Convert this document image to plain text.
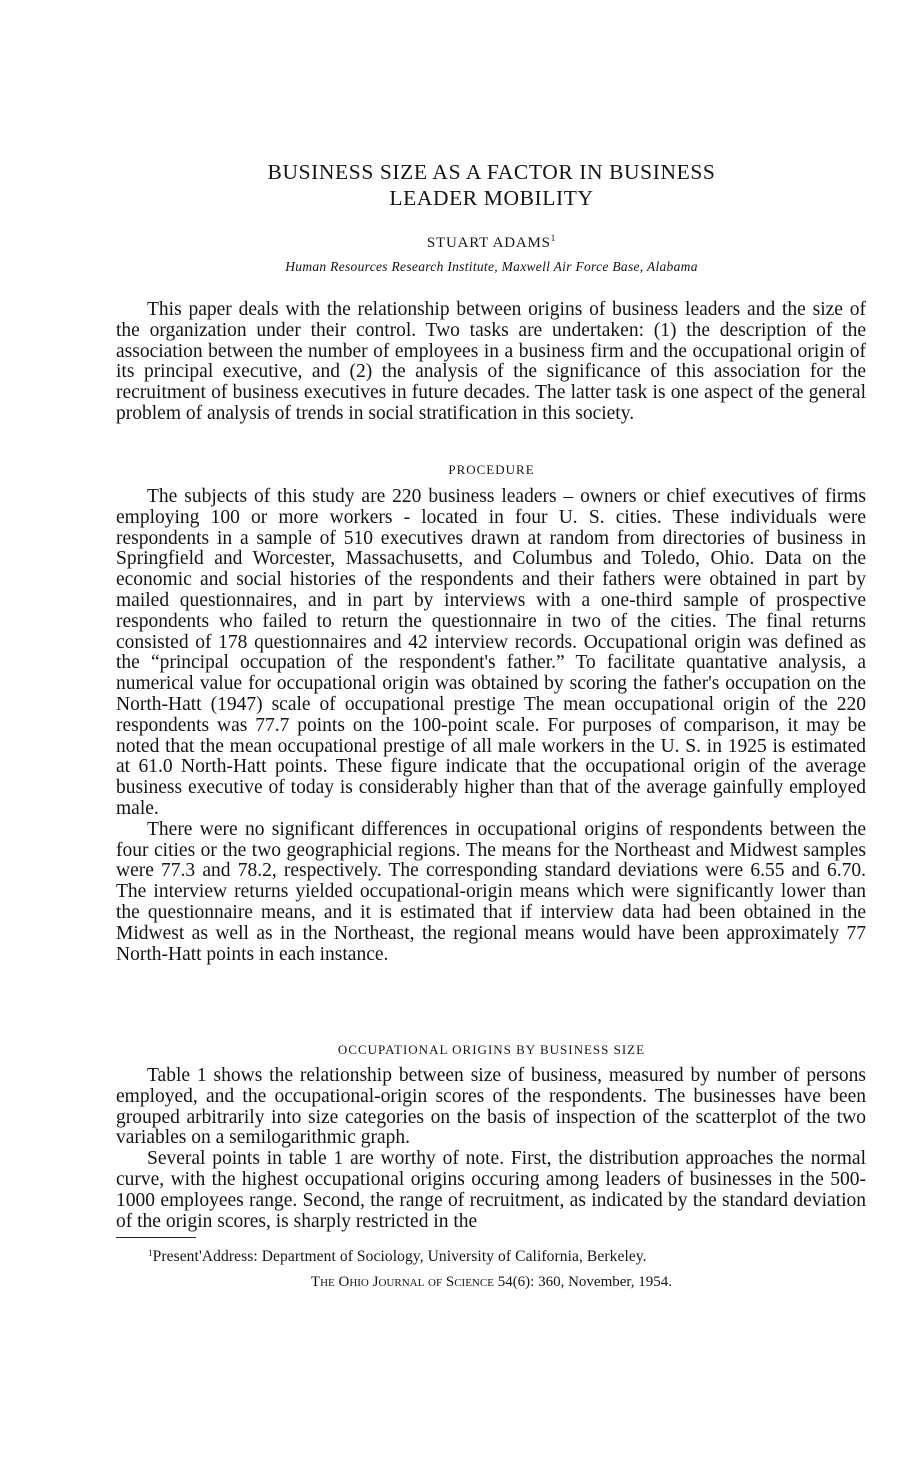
BUSINESS SIZE AS A FACTOR IN BUSINESS
LEADER MOBILITY
STUART ADAMS$^1$
Human Resources Research Institute, Maxwell Air Force Base, Alabama

This paper deals with the relationship between origins of business leaders and the size of the organization under their control. Two tasks are undertaken: (1) the description of the association between the number of employees in a business firm and the occupational origin of its principal executive, and (2) the analysis of the significance of this association for the recruitment of business executives in future decades. The latter task is one aspect of the general problem of analysis of trends in social stratification in this society.

PROCEDURE

The subjects of this study are 220 business leaders – owners or chief executives of firms employing 100 or more workers - located in four U. S. cities. These individuals were respondents in a sample of 510 executives drawn at random from directories of business in Springfield and Worcester, Massachusetts, and Columbus and Toledo, Ohio. Data on the economic and social histories of the respondents and their fathers were obtained in part by mailed questionnaires, and in part by interviews with a one-third sample of prospective respondents who failed to return the questionnaire in two of the cities. The final returns consisted of 178 questionnaires and 42 interview records. Occupational origin was defined as the “principal occupation of the respondent's father.” To facilitate quantative analysis, a numerical value for occupational origin was obtained by scoring the father's occupation on the North-Hatt (1947) scale of occupational prestige The mean occupational origin of the 220 respondents was 77.7 points on the 100-point scale. For purposes of comparison, it may be noted that the mean occupational prestige of all male workers in the U. S. in 1925 is estimated at 61.0 North-Hatt points. These figure indicate that the occupational origin of the average business executive of today is considerably higher than that of the average gainfully employed male.

There were no significant differences in occupational origins of respondents between the four cities or the two geographicial regions. The means for the Northeast and Midwest samples were 77.3 and 78.2, respectively. The corresponding standard deviations were 6.55 and 6.70. The interview returns yielded occupational-origin means which were significantly lower than the questionnaire means, and it is estimated that if interview data had been obtained in the Midwest as well as in the Northeast, the regional means would have been approximately 77 North-Hatt points in each instance.

OCCUPATIONAL ORIGINS BY BUSINESS SIZE

Table 1 shows the relationship between size of business, measured by number of persons employed, and the occupational-origin scores of the respondents. The businesses have been grouped arbitrarily into size categories on the basis of inspection of the scatterplot of the two variables on a semilogarithmic graph.

Several points in table 1 are worthy of note. First, the distribution approaches the normal curve, with the highest occupational origins occuring among leaders of businesses in the 500-1000 employees range. Second, the range of recruitment, as indicated by the standard deviation of the origin scores, is sharply restricted in the

$^1$Present'Address: Department of Sociology, University of California, Berkeley.
The Ohio Journal of Science 54(6): 360, November, 1954.
